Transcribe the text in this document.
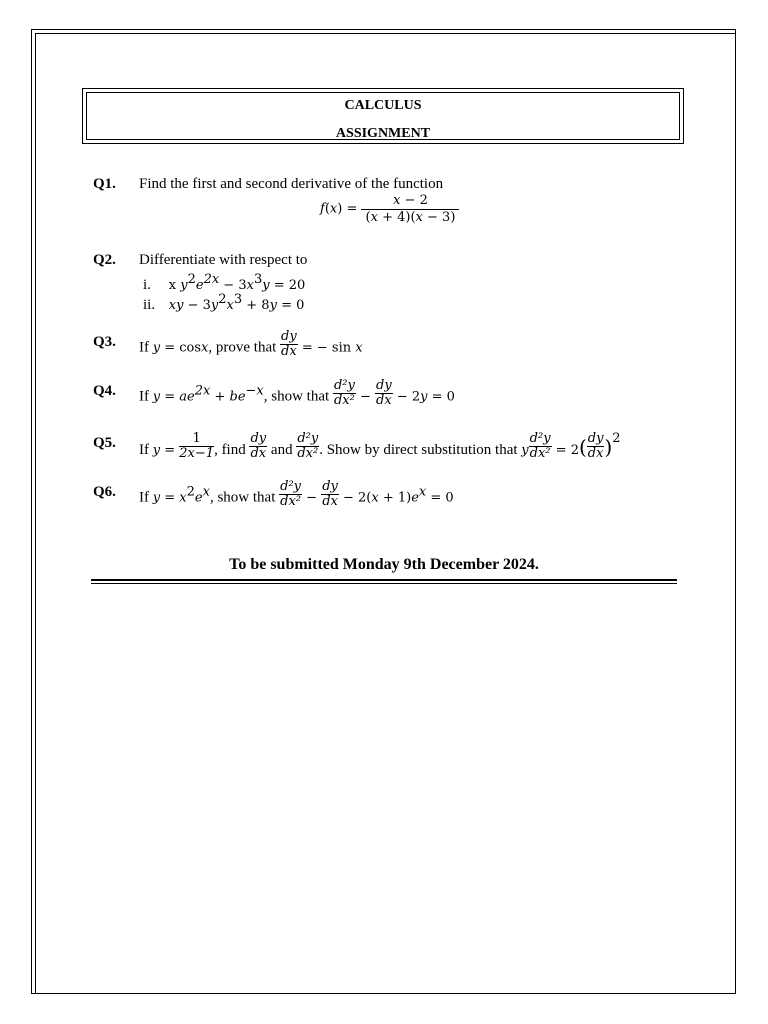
CALCULUS
ASSIGNMENT
Q1.	Find the first and second derivative of the function
$f(x) = \frac{x - 2}{(x + 4)(x - 3)}$
Q2.	Differentiate with respect to
i. x $y^2e^{2x} - 3x^3y = 20$
ii. xy − $3y^2x^3 + 8y = 0$
Q3.	If y = cosx, prove that $\frac{dy}{dx}$ = − sin x
Q4.	If $y = ae^{2x} + be^{-x}$, show that $\frac{\text{d²y}}{\text{dx²}} - \frac{dy}{dx} - 2y = 0$
Q5.	If $y = \frac{1}{2x-1}$ , find $\frac{dy}{dx}$ and $\frac{\text{d²y}}{\text{dx²}}$ . Show by direct substitution that y $\frac{\text{d²y}}{\text{dx²}} = 2( \frac{dy}{dx} )^2$
Q6.	If $y = x^2e^x$, show that $\frac{\text{d²y}}{\text{dx²}} - \frac{dy}{dx} - 2(x + 1)e^x = 0$
To be submitted Monday 9th December 2024.
